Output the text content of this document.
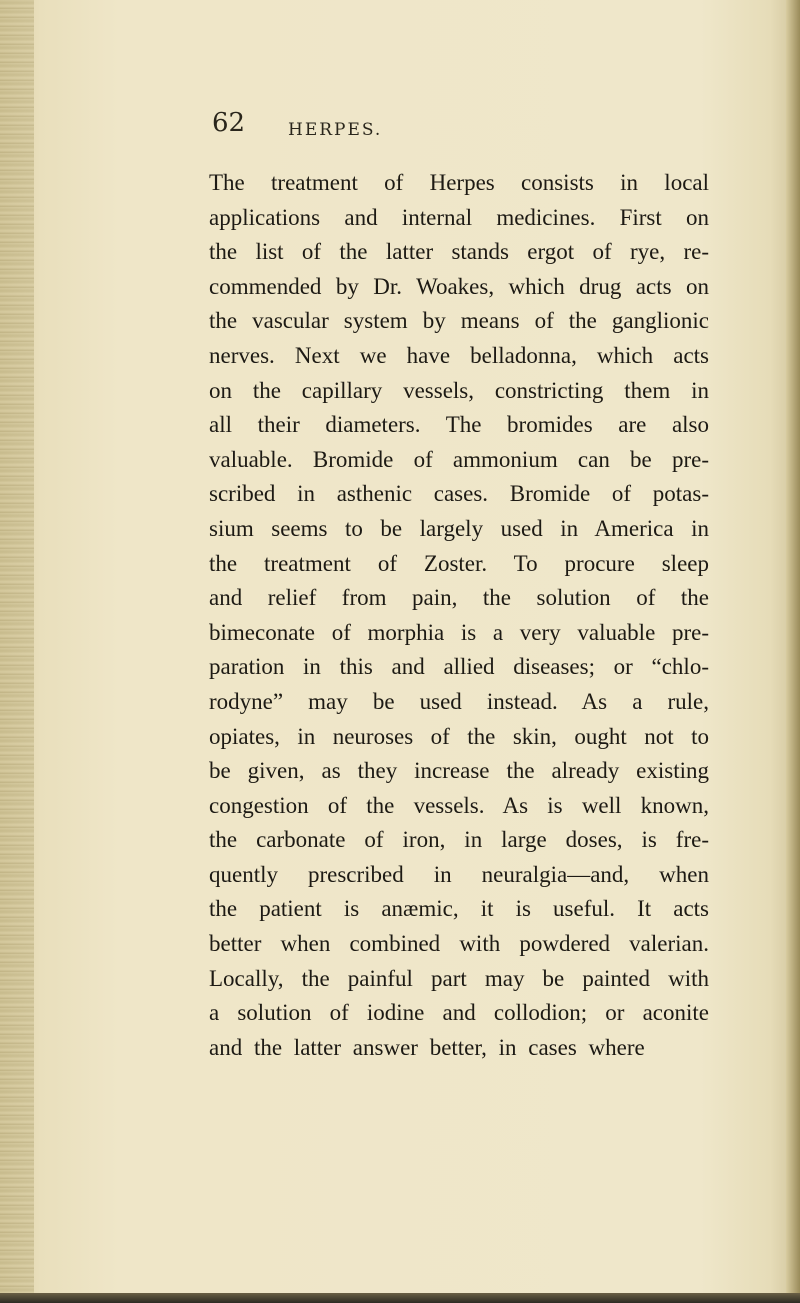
62	HERPES.
The treatment of Herpes consists in local
applications and internal medicines. First on
the list of the latter stands ergot of rye, re-
commended by Dr. Woakes, which drug acts on
the vascular system by means of the ganglionic
nerves. Next we have belladonna, which acts
on the capillary vessels, constricting them in
all their diameters. The bromides are also
valuable. Bromide of ammonium can be pre-
scribed in asthenic cases. Bromide of potas-
sium seems to be largely used in America in
the treatment of Zoster. To procure sleep
and relief from pain, the solution of the
bimeconate of morphia is a very valuable pre-
paration in this and allied diseases; or “chlo-
rodyne” may be used instead. As a rule,
opiates, in neuroses of the skin, ought not to
be given, as they increase the already existing
congestion of the vessels. As is well known,
the carbonate of iron, in large doses, is fre-
quently prescribed in neuralgia—and, when
the patient is anæmic, it is useful. It acts
better when combined with powdered valerian.
Locally, the painful part may be painted with
a solution of iodine and collodion; or aconite
and the latter answer better, in cases where
